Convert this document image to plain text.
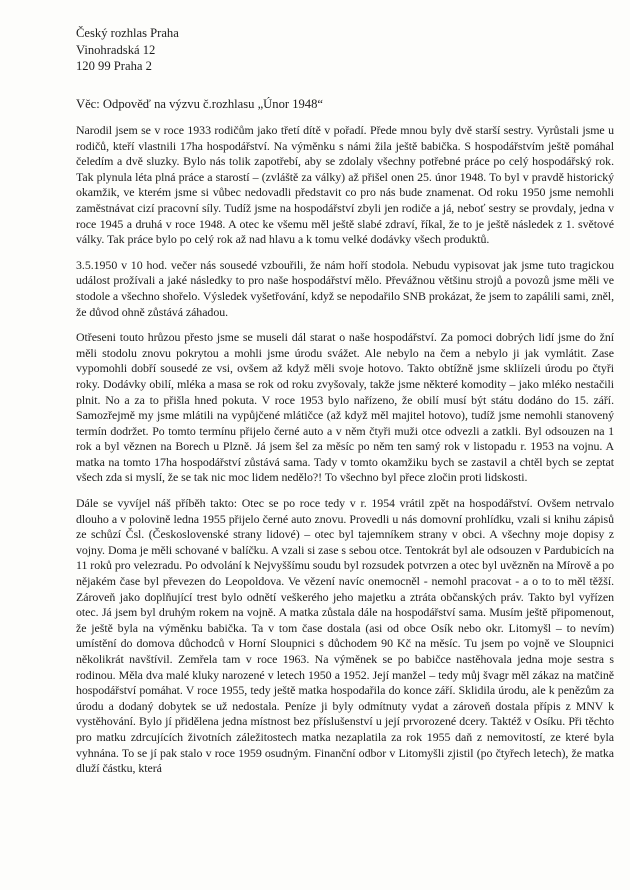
Český rozhlas Praha
Vinohradská 12
120 99 Praha 2
Věc: Odpověď na výzvu č.rozhlasu „Únor 1948“

Narodil jsem se v roce 1933 rodičům jako třetí dítě v pořadí. Přede mnou byly dvě starší sestry. Vyrůstali jsme u rodičů, kteří vlastnili 17ha hospodářství. Na výměnku s námi žila ještě babička. S hospodářstvím ještě pomáhal čeledím a dvě sluzky. Bylo nás tolik zapotřebí, aby se zdolaly všechny potřebné práce po celý hospodářský rok. Tak plynula léta plná práce a starostí – (zvláště za války) až přišel onen 25. únor 1948. To byl v pravdě historický okamžik, ve kterém jsme si vůbec nedovadli představit co pro nás bude znamenat. Od roku 1950 jsme nemohli zaměstnávat cizí pracovní síly. Tudíž jsme na hospodářství zbyli jen rodiče a já, neboť sestry se provdaly, jedna v roce 1945 a druhá v roce 1948. A otec ke všemu měl ještě slabé zdraví, říkal, že to je ještě následek z 1. světové války. Tak práce bylo po celý rok až nad hlavu a k tomu velké dodávky všech produktů.

3.5.1950 v 10 hod. večer nás sousedé vzbouřili, že nám hoří stodola. Nebudu vypisovat jak jsme tuto tragickou událost prožívali a jaké následky to pro naše hospodářství mělo. Převážnou většinu strojů a povozů jsme měli ve stodole a všechno shořelo. Výsledek vyšetřování, když se nepodařilo SNB prokázat, že jsem to zapálili sami, zněl, že důvod ohně zůstává záhadou.

Otřeseni touto hrůzou přesto jsme se museli dál starat o naše hospodářství. Za pomoci dobrých lidí jsme do žní měli stodolu znovu pokrytou a mohli jsme úrodu svážet. Ale nebylo na čem a nebylo ji jak vymlátit. Zase vypomohli dobří sousedé ze vsi, ovšem až když měli svoje hotovo. Takto obtížně jsme skliízeli úrodu po čtyři roky. Dodávky obilí, mléka a masa se rok od roku zvyšovaly, takže jsme některé komodity – jako mléko nestačili plnit. No a za to přišla hned pokuta. V roce 1953 bylo nařízeno, že obilí musí být státu dodáno do 15. září. Samozřejmě my jsme mlátili na vypůjčené mlátičce (až když měl majitel hotovo), tudíž jsme nemohli stanovený termín dodržet. Po tomto termínu přijelo černé auto a v něm čtyři muži otce odvezli a zatkli. Byl odsouzen na 1 rok a byl věznen na Borech u Plzně. Já jsem šel za měsíc po něm ten samý rok v listopadu r. 1953 na vojnu. A matka na tomto 17ha hospodářství zůstává sama. Tady v tomto okamžiku bych se zastavil a chtěl bych se zeptat všech zda si myslí, že se tak nic moc lidem nedělo?! To všechno byl přece zločin proti lidskosti.

Dále se vyvíjel náš příběh takto: Otec se po roce tedy v r. 1954 vrátil zpět na hospodářství. Ovšem netrvalo dlouho a v polovině ledna 1955 přijelo černé auto znovu. Provedli u nás domovní prohlídku, vzali si knihu zápisů ze schůzí Čsl. (Československé strany lidové) – otec byl tajemníkem strany v obci. A všechny moje dopisy z vojny. Doma je měli schované v balíčku. A vzali si zase s sebou otce. Tentokrát byl ale odsouzen v Pardubicích na 11 roků pro velezradu. Po odvolání k Nejvyššímu soudu byl rozsudek potvrzen a otec byl uvězněn na Mírově a po nějakém čase byl převezen do Leopoldova. Ve vězení navíc onemocněl - nemohl pracovat - a o to to měl těžší. Zároveň jako doplňující trest bylo odnětí veškerého jeho majetku a ztráta občanských práv. Takto byl vyřízen otec. Já jsem byl druhým rokem na vojně. A matka zůstala dále na hospodářství sama. Musím ještě připomenout, že ještě byla na výměnku babička. Ta v tom čase dostala (asi od obce Osík nebo okr. Litomyšl – to nevím) umístění do domova důchodců v Horní Sloupnici s důchodem 90 Kč na měsíc. Tu jsem po vojně ve Sloupnici několikrát navštívil. Zemřela tam v roce 1963. Na výměnek se po babičce nastěhovala jedna moje sestra s rodinou. Měla dva malé kluky narozené v letech 1950 a 1952. Její manžel – tedy můj švagr měl zákaz na matčině hospodářství pomáhat. V roce 1955, tedy ještě matka hospodařila do konce září. Sklidila úrodu, ale k penězům za úrodu a dodaný dobytek se už nedostala. Peníze ji byly odmítnuty vydat a zároveň dostala přípis z MNV k vystěhování. Bylo jí přidělena jedna místnost bez příslušenství u její prvorozené dcery. Taktéž v Osíku. Při těchto pro matku zdrcujících životních záležitostech matka nezaplatila za rok 1955 daň z nemovitostí, ze které byla vyhnána. To se jí pak stalo v roce 1959 osudným. Finanční odbor v Litomyšli zjistil (po čtyřech letech), že matka dluží částku, která
